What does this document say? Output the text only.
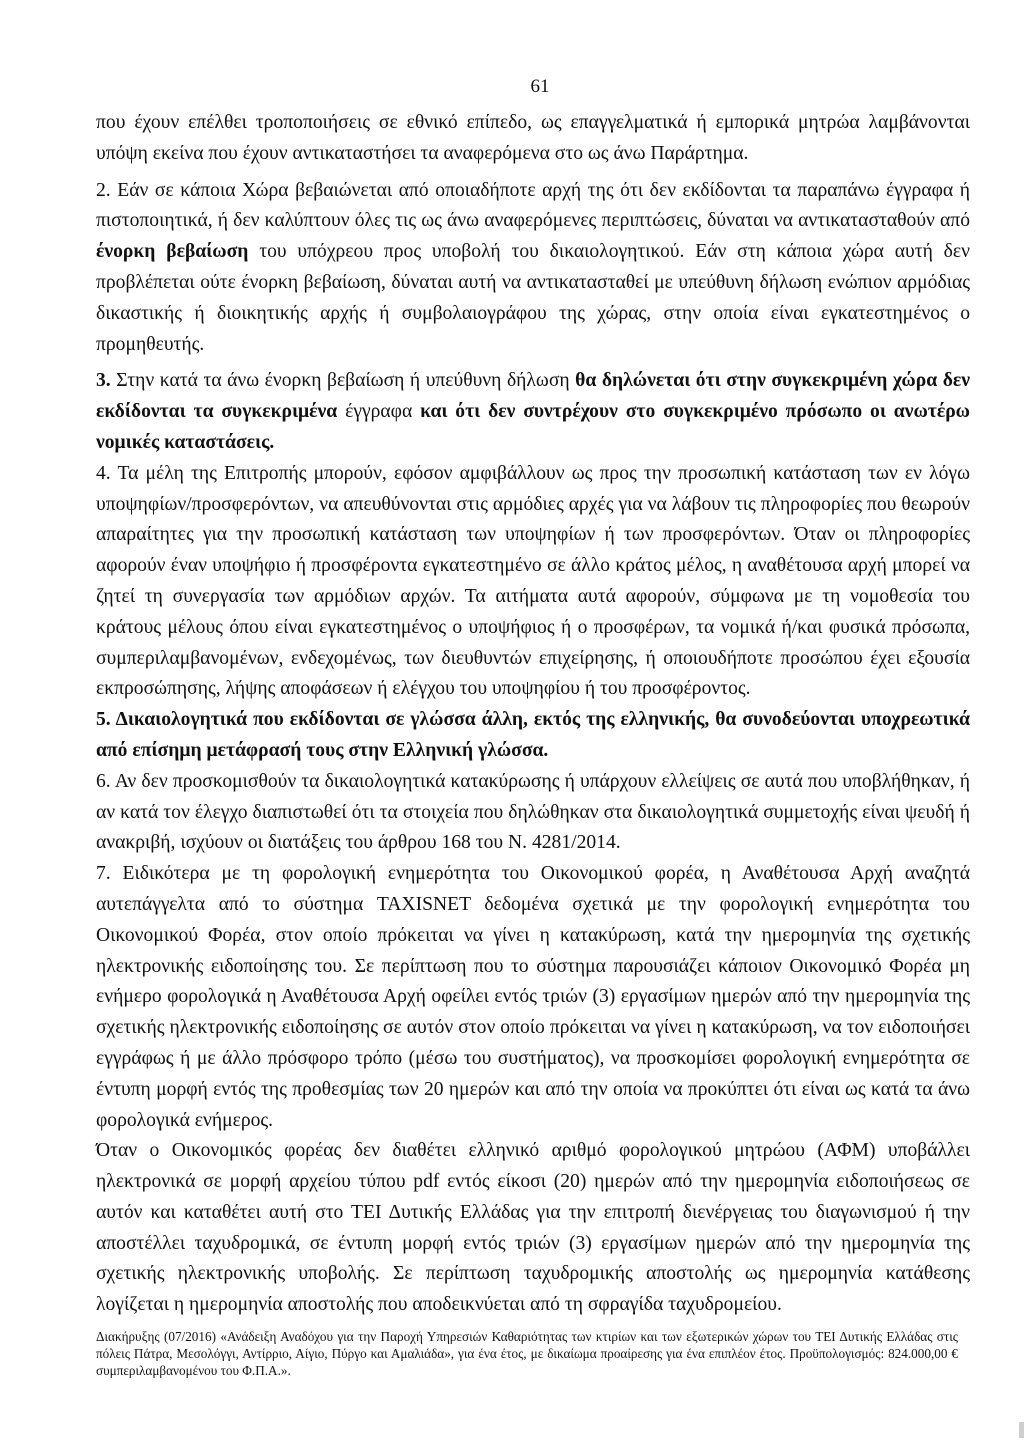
61

που έχουν επέλθει τροποποιήσεις σε εθνικό επίπεδο, ως επαγγελματικά ή εμπορικά μητρώα λαμβάνονται υπόψη εκείνα που έχουν αντικαταστήσει τα αναφερόμενα στο ως άνω Παράρτημα.

2. Εάν σε κάποια Χώρα βεβαιώνεται από οποιαδήποτε αρχή της ότι δεν εκδίδονται τα παραπάνω έγγραφα ή πιστοποιητικά, ή δεν καλύπτουν όλες τις ως άνω αναφερόμενες περιπτώσεις, δύναται να αντικατασταθούν από ένορκη βεβαίωση του υπόχρεου προς υποβολή του δικαιολογητικού. Εάν στη κάποια χώρα αυτή δεν προβλέπεται ούτε ένορκη βεβαίωση, δύναται αυτή να αντικατασταθεί με υπεύθυνη δήλωση ενώπιον αρμόδιας δικαστικής ή διοικητικής αρχής ή συμβολαιογράφου της χώρας, στην οποία είναι εγκατεστημένος ο προμηθευτής.

3. Στην κατά τα άνω ένορκη βεβαίωση ή υπεύθυνη δήλωση θα δηλώνεται ότι στην συγκεκριμένη χώρα δεν εκδίδονται τα συγκεκριμένα έγγραφα και ότι δεν συντρέχουν στο συγκεκριμένο πρόσωπο οι ανωτέρω νομικές καταστάσεις.

4. Τα μέλη της Επιτροπής μπορούν, εφόσον αμφιβάλλουν ως προς την προσωπική κατάσταση των εν λόγω υποψηφίων/προσφερόντων, να απευθύνονται στις αρμόδιες αρχές για να λάβουν τις πληροφορίες που θεωρούν απαραίτητες για την προσωπική κατάσταση των υποψηφίων ή των προσφερόντων. Όταν οι πληροφορίες αφορούν έναν υποψήφιο ή προσφέροντα εγκατεστημένο σε άλλο κράτος μέλος, η αναθέτουσα αρχή μπορεί να ζητεί τη συνεργασία των αρμόδιων αρχών. Τα αιτήματα αυτά αφορούν, σύμφωνα με τη νομοθεσία του κράτους μέλους όπου είναι εγκατεστημένος ο υποψήφιος ή ο προσφέρων, τα νομικά ή/και φυσικά πρόσωπα, συμπεριλαμβανομένων, ενδεχομένως, των διευθυντών επιχείρησης, ή οποιουδήποτε προσώπου έχει εξουσία εκπροσώπησης, λήψης αποφάσεων ή ελέγχου του υποψηφίου ή του προσφέροντος.

5. Δικαιολογητικά που εκδίδονται σε γλώσσα άλλη, εκτός της ελληνικής, θα συνοδεύονται υποχρεωτικά από επίσημη μετάφρασή τους στην Ελληνική γλώσσα.

6. Αν δεν προσκομισθούν τα δικαιολογητικά κατακύρωσης ή υπάρχουν ελλείψεις σε αυτά που υποβλήθηκαν, ή αν κατά τον έλεγχο διαπιστωθεί ότι τα στοιχεία που δηλώθηκαν στα δικαιολογητικά συμμετοχής είναι ψευδή ή ανακριβή, ισχύουν οι διατάξεις του άρθρου 168 του Ν. 4281/2014.

7. Ειδικότερα με τη φορολογική ενημερότητα του Οικονομικού φορέα, η Αναθέτουσα Αρχή αναζητά αυτεπάγγελτα από το σύστημα TAXISNET δεδομένα σχετικά με την φορολογική ενημερότητα του Οικονομικού Φορέα, στον οποίο πρόκειται να γίνει η κατακύρωση, κατά την ημερομηνία της σχετικής ηλεκτρονικής ειδοποίησης του. Σε περίπτωση που το σύστημα παρουσιάζει κάποιον Οικονομικό Φορέα μη ενήμερο φορολογικά η Αναθέτουσα Αρχή οφείλει εντός τριών (3) εργασίμων ημερών από την ημερομηνία της σχετικής ηλεκτρονικής ειδοποίησης σε αυτόν στον οποίο πρόκειται να γίνει η κατακύρωση, να τον ειδοποιήσει εγγράφως ή με άλλο πρόσφορο τρόπο (μέσω του συστήματος), να προσκομίσει φορολογική ενημερότητα σε έντυπη μορφή εντός της προθεσμίας των 20 ημερών και από την οποία να προκύπτει ότι είναι ως κατά τα άνω φορολογικά ενήμερος.

Όταν ο Οικονομικός φορέας δεν διαθέτει ελληνικό αριθμό φορολογικού μητρώου (ΑΦΜ) υποβάλλει ηλεκτρονικά σε μορφή αρχείου τύπου pdf εντός είκοσι (20) ημερών από την ημερομηνία ειδοποιήσεως σε αυτόν και καταθέτει αυτή στο ΤΕΙ Δυτικής Ελλάδας για την επιτροπή διενέργειας του διαγωνισμού ή την αποστέλλει ταχυδρομικά, σε έντυπη μορφή εντός τριών (3) εργασίμων ημερών από την ημερομηνία της σχετικής ηλεκτρονικής υποβολής. Σε περίπτωση ταχυδρομικής αποστολής ως ημερομηνία κατάθεσης λογίζεται η ημερομηνία αποστολής που αποδεικνύεται από τη σφραγίδα ταχυδρομείου.

Διακήρυξης (07/2016) «Ανάδειξη Αναδόχου για την Παροχή Υπηρεσιών Καθαριότητας των κτιρίων και των εξωτερικών χώρων του ΤΕΙ Δυτικής Ελλάδας στις πόλεις Πάτρα, Μεσολόγγι, Αντίρριο, Αίγιο, Πύργο και Αμαλιάδα», για ένα έτος, με δικαίωμα προαίρεσης για ένα επιπλέον έτος. Προϋπολογισμός: 824.000,00 € συμπεριλαμβανομένου του Φ.Π.Α.».
